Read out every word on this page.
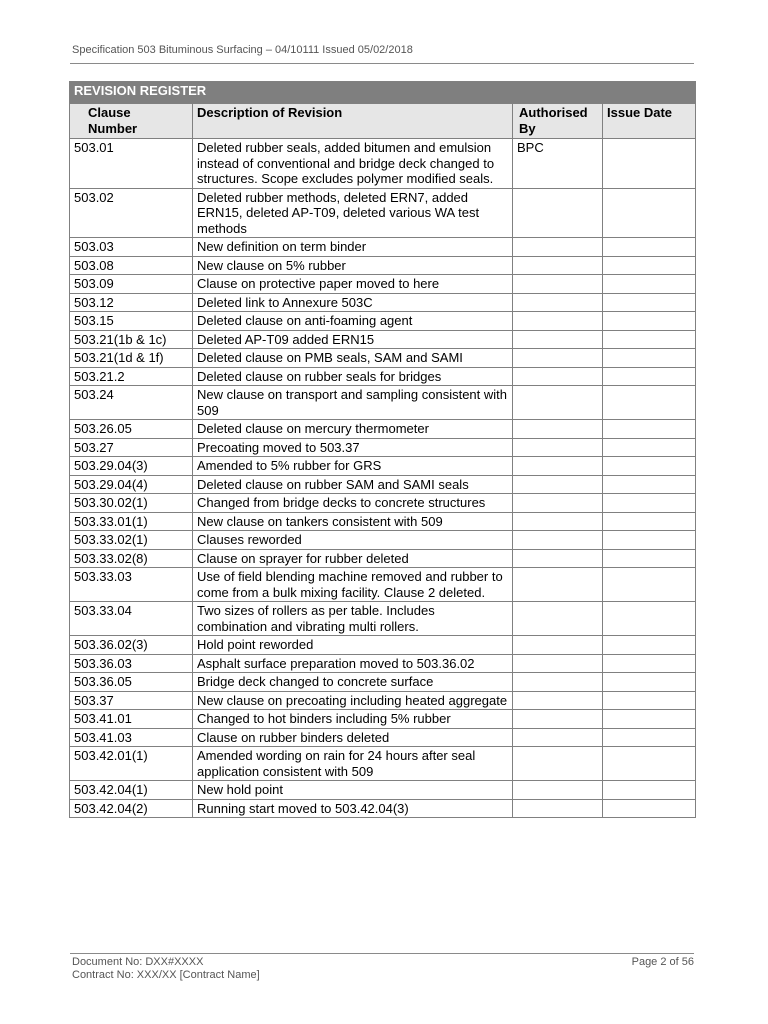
Specification 503 Bituminous Surfacing – 04/10111 Issued 05/02/2018
REVISION REGISTER			
Clause Number	Description of Revision	Authorised By	Issue Date
503.01	Deleted rubber seals, added bitumen and emulsion instead of conventional and bridge deck changed to structures. Scope excludes polymer modified seals.	BPC	
503.02	Deleted rubber methods, deleted ERN7, added ERN15, deleted AP-T09, deleted various WA test methods		
503.03	New definition on term binder		
503.08	New clause on 5% rubber		
503.09	Clause on protective paper moved to here		
503.12	Deleted link to Annexure 503C		
503.15	Deleted clause on anti-foaming agent		
503.21(1b & 1c)	Deleted AP-T09 added ERN15		
503.21(1d & 1f)	Deleted clause on PMB seals, SAM and SAMI		
503.21.2	Deleted clause on rubber seals for bridges		
503.24	New clause on transport and sampling consistent with 509		
503.26.05	Deleted clause on mercury thermometer		
503.27	Precoating moved to 503.37		
503.29.04(3)	Amended to 5% rubber for GRS		
503.29.04(4)	Deleted clause on rubber SAM and SAMI seals		
503.30.02(1)	Changed from bridge decks to concrete structures		
503.33.01(1)	New clause on tankers consistent with 509		
503.33.02(1)	Clauses reworded		
503.33.02(8)	Clause on sprayer for rubber deleted		
503.33.03	Use of field blending machine removed and rubber to come from a bulk mixing facility. Clause 2 deleted.		
503.33.04	Two sizes of rollers as per table. Includes combination and vibrating multi rollers.		
503.36.02(3)	Hold point reworded		
503.36.03	Asphalt surface preparation moved to 503.36.02		
503.36.05	Bridge deck changed to concrete surface		
503.37	New clause on precoating including heated aggregate		
503.41.01	Changed to hot binders including 5% rubber		
503.41.03	Clause on rubber binders deleted		
503.42.01(1)	Amended wording on rain for 24 hours after seal application consistent with 509		
503.42.04(1)	New hold point		
503.42.04(2)	Running start moved to 503.42.04(3)		
Document No: DXX#XXXX
Contract No: XXX/XX [Contract Name]
Page 2 of 56
